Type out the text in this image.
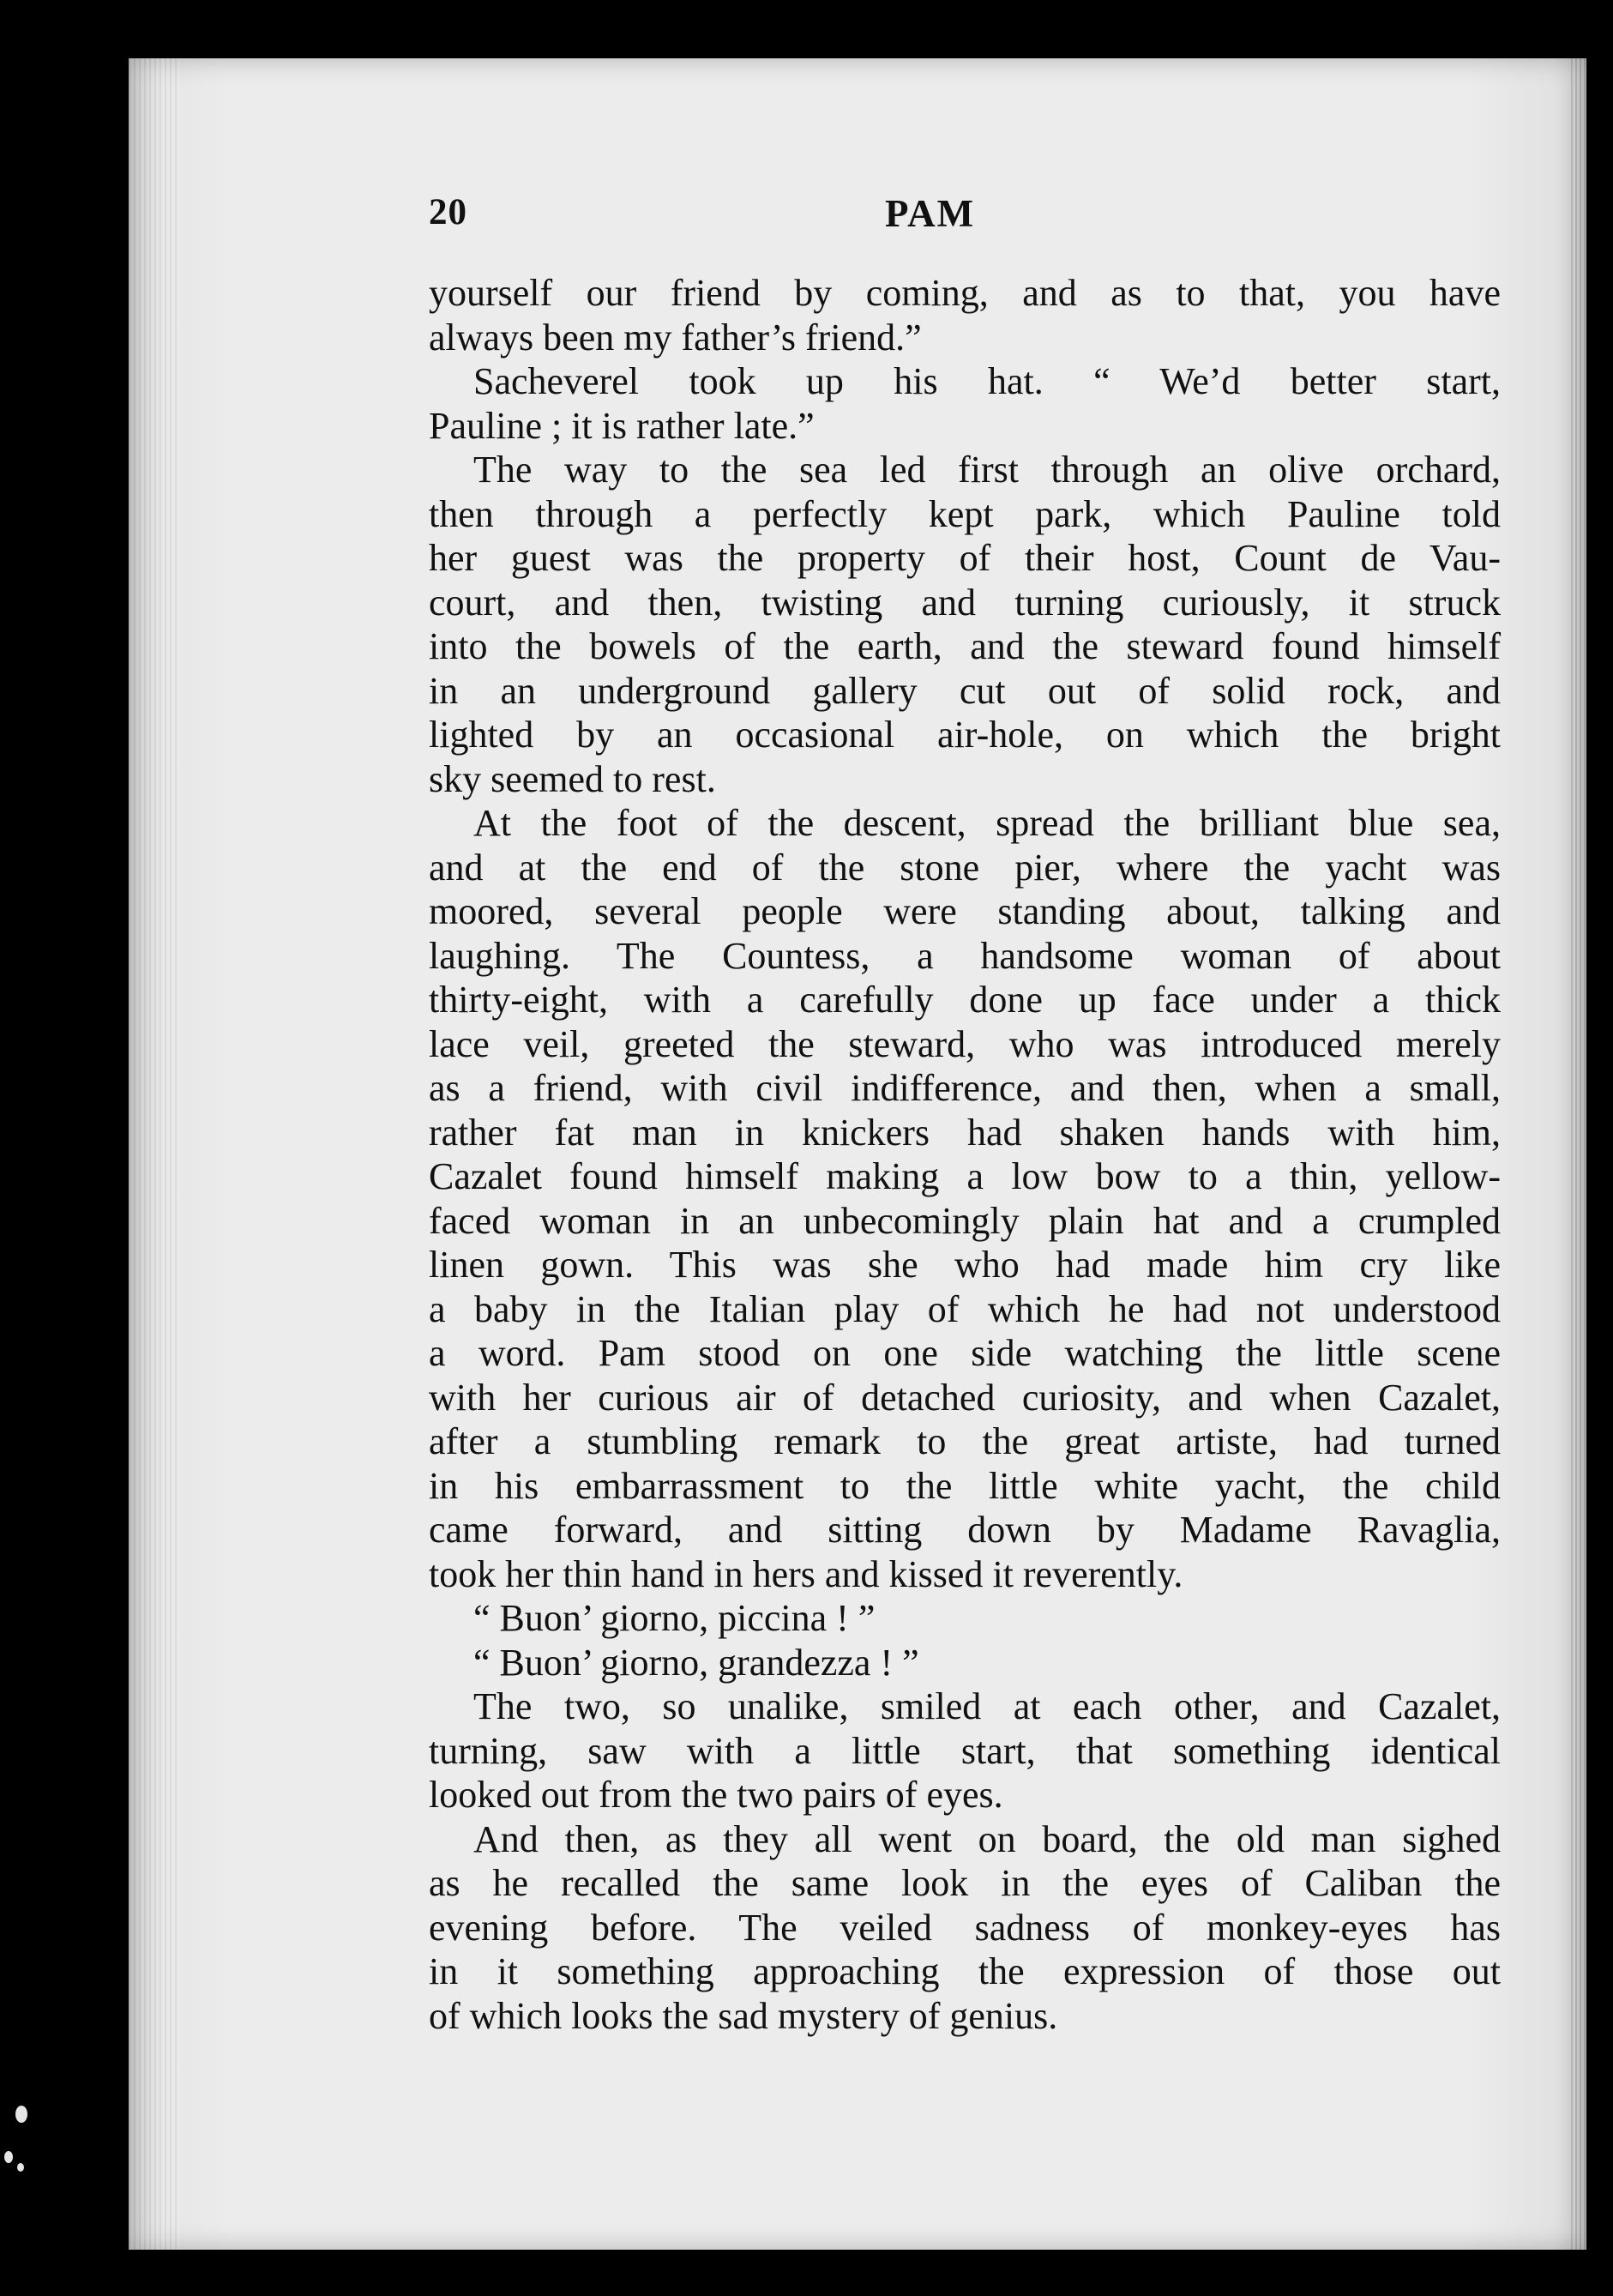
20	PAM
yourself our friend by coming, and as to that, you have
always been my father’s friend.”
Sacheverel took up his hat. “ We’d better start,
Pauline ; it is rather late.”
The way to the sea led first through an olive orchard,
then through a perfectly kept park, which Pauline told
her guest was the property of their host, Count de Vau-
court, and then, twisting and turning curiously, it struck
into the bowels of the earth, and the steward found himself
in an underground gallery cut out of solid rock, and
lighted by an occasional air-hole, on which the bright
sky seemed to rest.
At the foot of the descent, spread the brilliant blue sea,
and at the end of the stone pier, where the yacht was
moored, several people were standing about, talking and
laughing. The Countess, a handsome woman of about
thirty-eight, with a carefully done up face under a thick
lace veil, greeted the steward, who was introduced merely
as a friend, with civil indifference, and then, when a small,
rather fat man in knickers had shaken hands with him,
Cazalet found himself making a low bow to a thin, yellow-
faced woman in an unbecomingly plain hat and a crumpled
linen gown. This was she who had made him cry like
a baby in the Italian play of which he had not understood
a word. Pam stood on one side watching the little scene
with her curious air of detached curiosity, and when Cazalet,
after a stumbling remark to the great artiste, had turned
in his embarrassment to the little white yacht, the child
came forward, and sitting down by Madame Ravaglia,
took her thin hand in hers and kissed it reverently.
“ Buon’ giorno, piccina ! ”
“ Buon’ giorno, grandezza ! ”
The two, so unalike, smiled at each other, and Cazalet,
turning, saw with a little start, that something identical
looked out from the two pairs of eyes.
And then, as they all went on board, the old man sighed
as he recalled the same look in the eyes of Caliban the
evening before. The veiled sadness of monkey-eyes has
in it something approaching the expression of those out
of which looks the sad mystery of genius.
